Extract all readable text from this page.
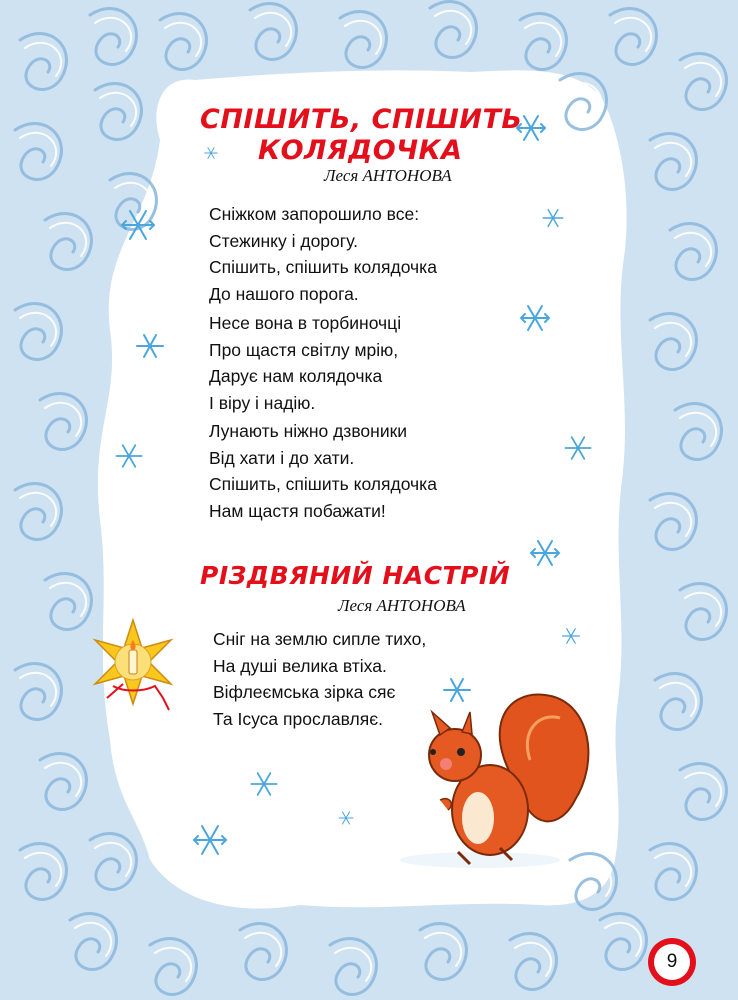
СПІШИТЬ, СПІШИТЬ
КОЛЯДОЧКА
Леся АНТОНОВА
Сніжком запорошило все:
Стежинку і дорогу.
Спішить, спішить колядочка
До нашого порога.
Несе вона в торбиночці
Про щастя світлу мрію,
Дарує нам колядочка
І віру і надію.
Лунають ніжно дзвоники
Від хати і до хати.
Спішить, спішить колядочка
Нам щастя побажати!
РІЗДВЯНИЙ НАСТРІЙ
Леся АНТОНОВА
Сніг на землю сипле тихо,
На душі велика втіха.
Віфлеємська зірка сяє
Та Ісуса прославляє.
9
